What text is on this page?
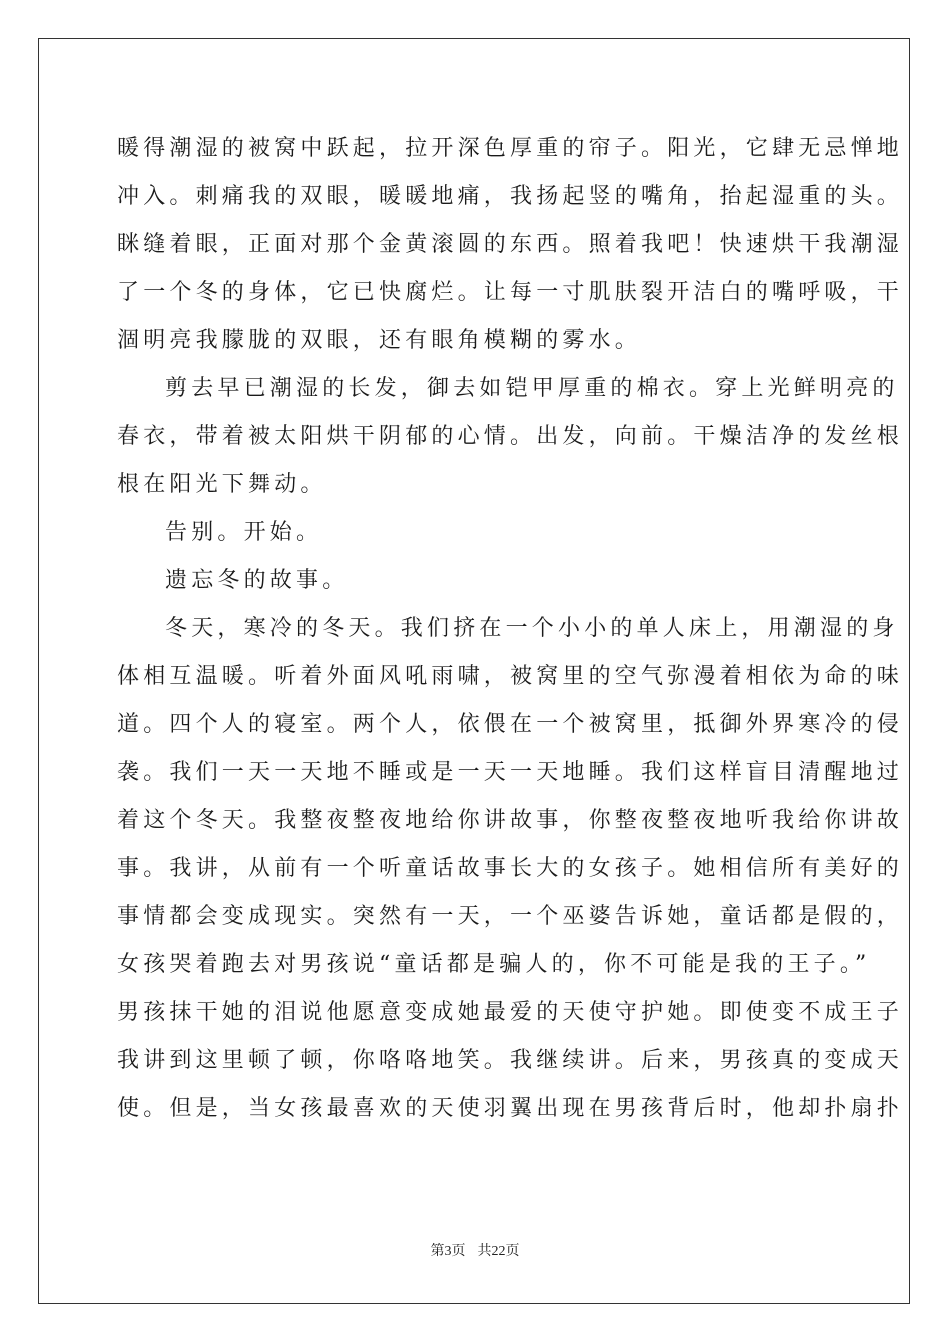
暖得潮湿的被窝中跃起，拉开深色厚重的帘子。阳光，它肆无忌惮地

冲入。刺痛我的双眼，暖暖地痛，我扬起竖的嘴角，抬起湿重的头。

眯缝着眼，正面对那个金黄滚圆的东西。照着我吧！快速烘干我潮湿

了一个冬的身体，它已快腐烂。让每一寸肌肤裂开洁白的嘴呼吸，干

涸明亮我朦胧的双眼，还有眼角模糊的雾水。

剪去早已潮湿的长发，御去如铠甲厚重的棉衣。穿上光鲜明亮的

春衣，带着被太阳烘干阴郁的心情。出发，向前。干燥洁净的发丝根

根在阳光下舞动。

告别。开始。

遗忘冬的故事。

冬天，寒冷的冬天。我们挤在一个小小的单人床上，用潮湿的身

体相互温暖。听着外面风吼雨啸，被窝里的空气弥漫着相依为命的味

道。四个人的寝室。两个人，依偎在一个被窝里，抵御外界寒冷的侵

袭。我们一天一天地不睡或是一天一天地睡。我们这样盲目清醒地过

着这个冬天。我整夜整夜地给你讲故事，你整夜整夜地听我给你讲故

事。我讲，从前有一个听童话故事长大的女孩子。她相信所有美好的

事情都会变成现实。突然有一天，一个巫婆告诉她，童话都是假的，

女孩哭着跑去对男孩说“童话都是骗人的，你不可能是我的王子。”

男孩抹干她的泪说他愿意变成她最爱的天使守护她。即使变不成王子

我讲到这里顿了顿，你咯咯地笑。我继续讲。后来，男孩真的变成天

使。但是，当女孩最喜欢的天使羽翼出现在男孩背后时，他却扑扇扑

第3页 共22页
